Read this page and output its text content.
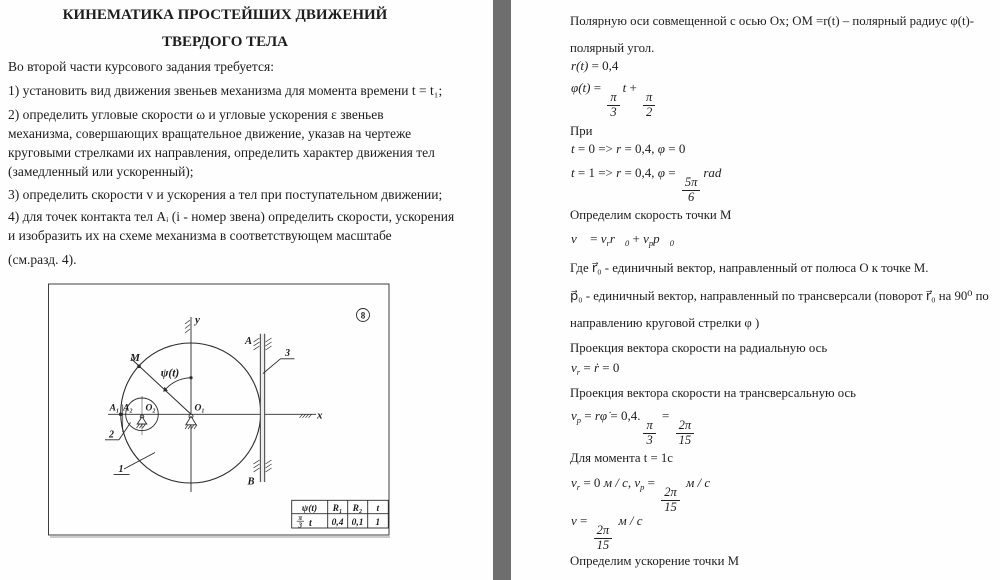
КИНЕМАТИКА ПРОСТЕЙШИХ ДВИЖЕНИЙ
ТВЕРДОГО ТЕЛА
Во второй части курсового задания требуется:
1) установить вид движения звеньев механизма для момента времени t = t₁;
2) определить угловые скорости ω и угловые ускорения ε звеньев
механизма, совершающих вращательное движение, указав на чертеже
круговыми стрелками их направления, определить характер движения тел
(замедленный или ускоренный);
3) определить скорости v и ускорения а тел при поступательном движении;
4) для точек контакта тел Аᵢ (i - номер звена) определить скорости, ускорения
и изобразить их на схеме механизма в соответствующем масштабе
(см.разд. 4).
8
y
x
M
ψ(t)
A₁ A₂ O₂	O₁
A
B
1
2
3
ψ(t) R₁ R₂ t
π
3 t 0,4 0,1 1
Полярную оси совмещенной с осью Ох; ОМ =r(t) – полярный радиус φ(t)-
полярный угол.
r(t) = 0,4
φ(t) =
$\frac{\pi}{3}$
t +
$\frac{\pi}{2}$
При
t = 0 => r = 0,4, φ = 0
t = 1 => r = 0,4, φ =
$\frac{5\pi}{6}$
rad
Определим скорость точки М
v⃗ = $v_rr⃗_0$ + $v_pp⃗_0$
Где r⃗₀ - единичный вектор, направленный от полюса О к точке М.
p⃗₀ - единичный вектор, направленный по трансверсали (поворот r⃗₀ на 90⁰ по
направлению круговой стрелки φ )
Проекция вектора скорости на радиальную ось
$v_r$ = ṙ = 0
Проекция вектора скорости на трансверсальную ось
$v_p$ = rφ̇ = 0,4.
$\frac{\pi}{3}$
=
$\frac{2\pi}{15}$
Для момента t = 1с
$v_r = 0$ м / с, $v_p$ =
$\frac{2\pi}{15}$
м / с
v =
$\frac{2\pi}{15}$
м / с
Определим ускорение точки М
